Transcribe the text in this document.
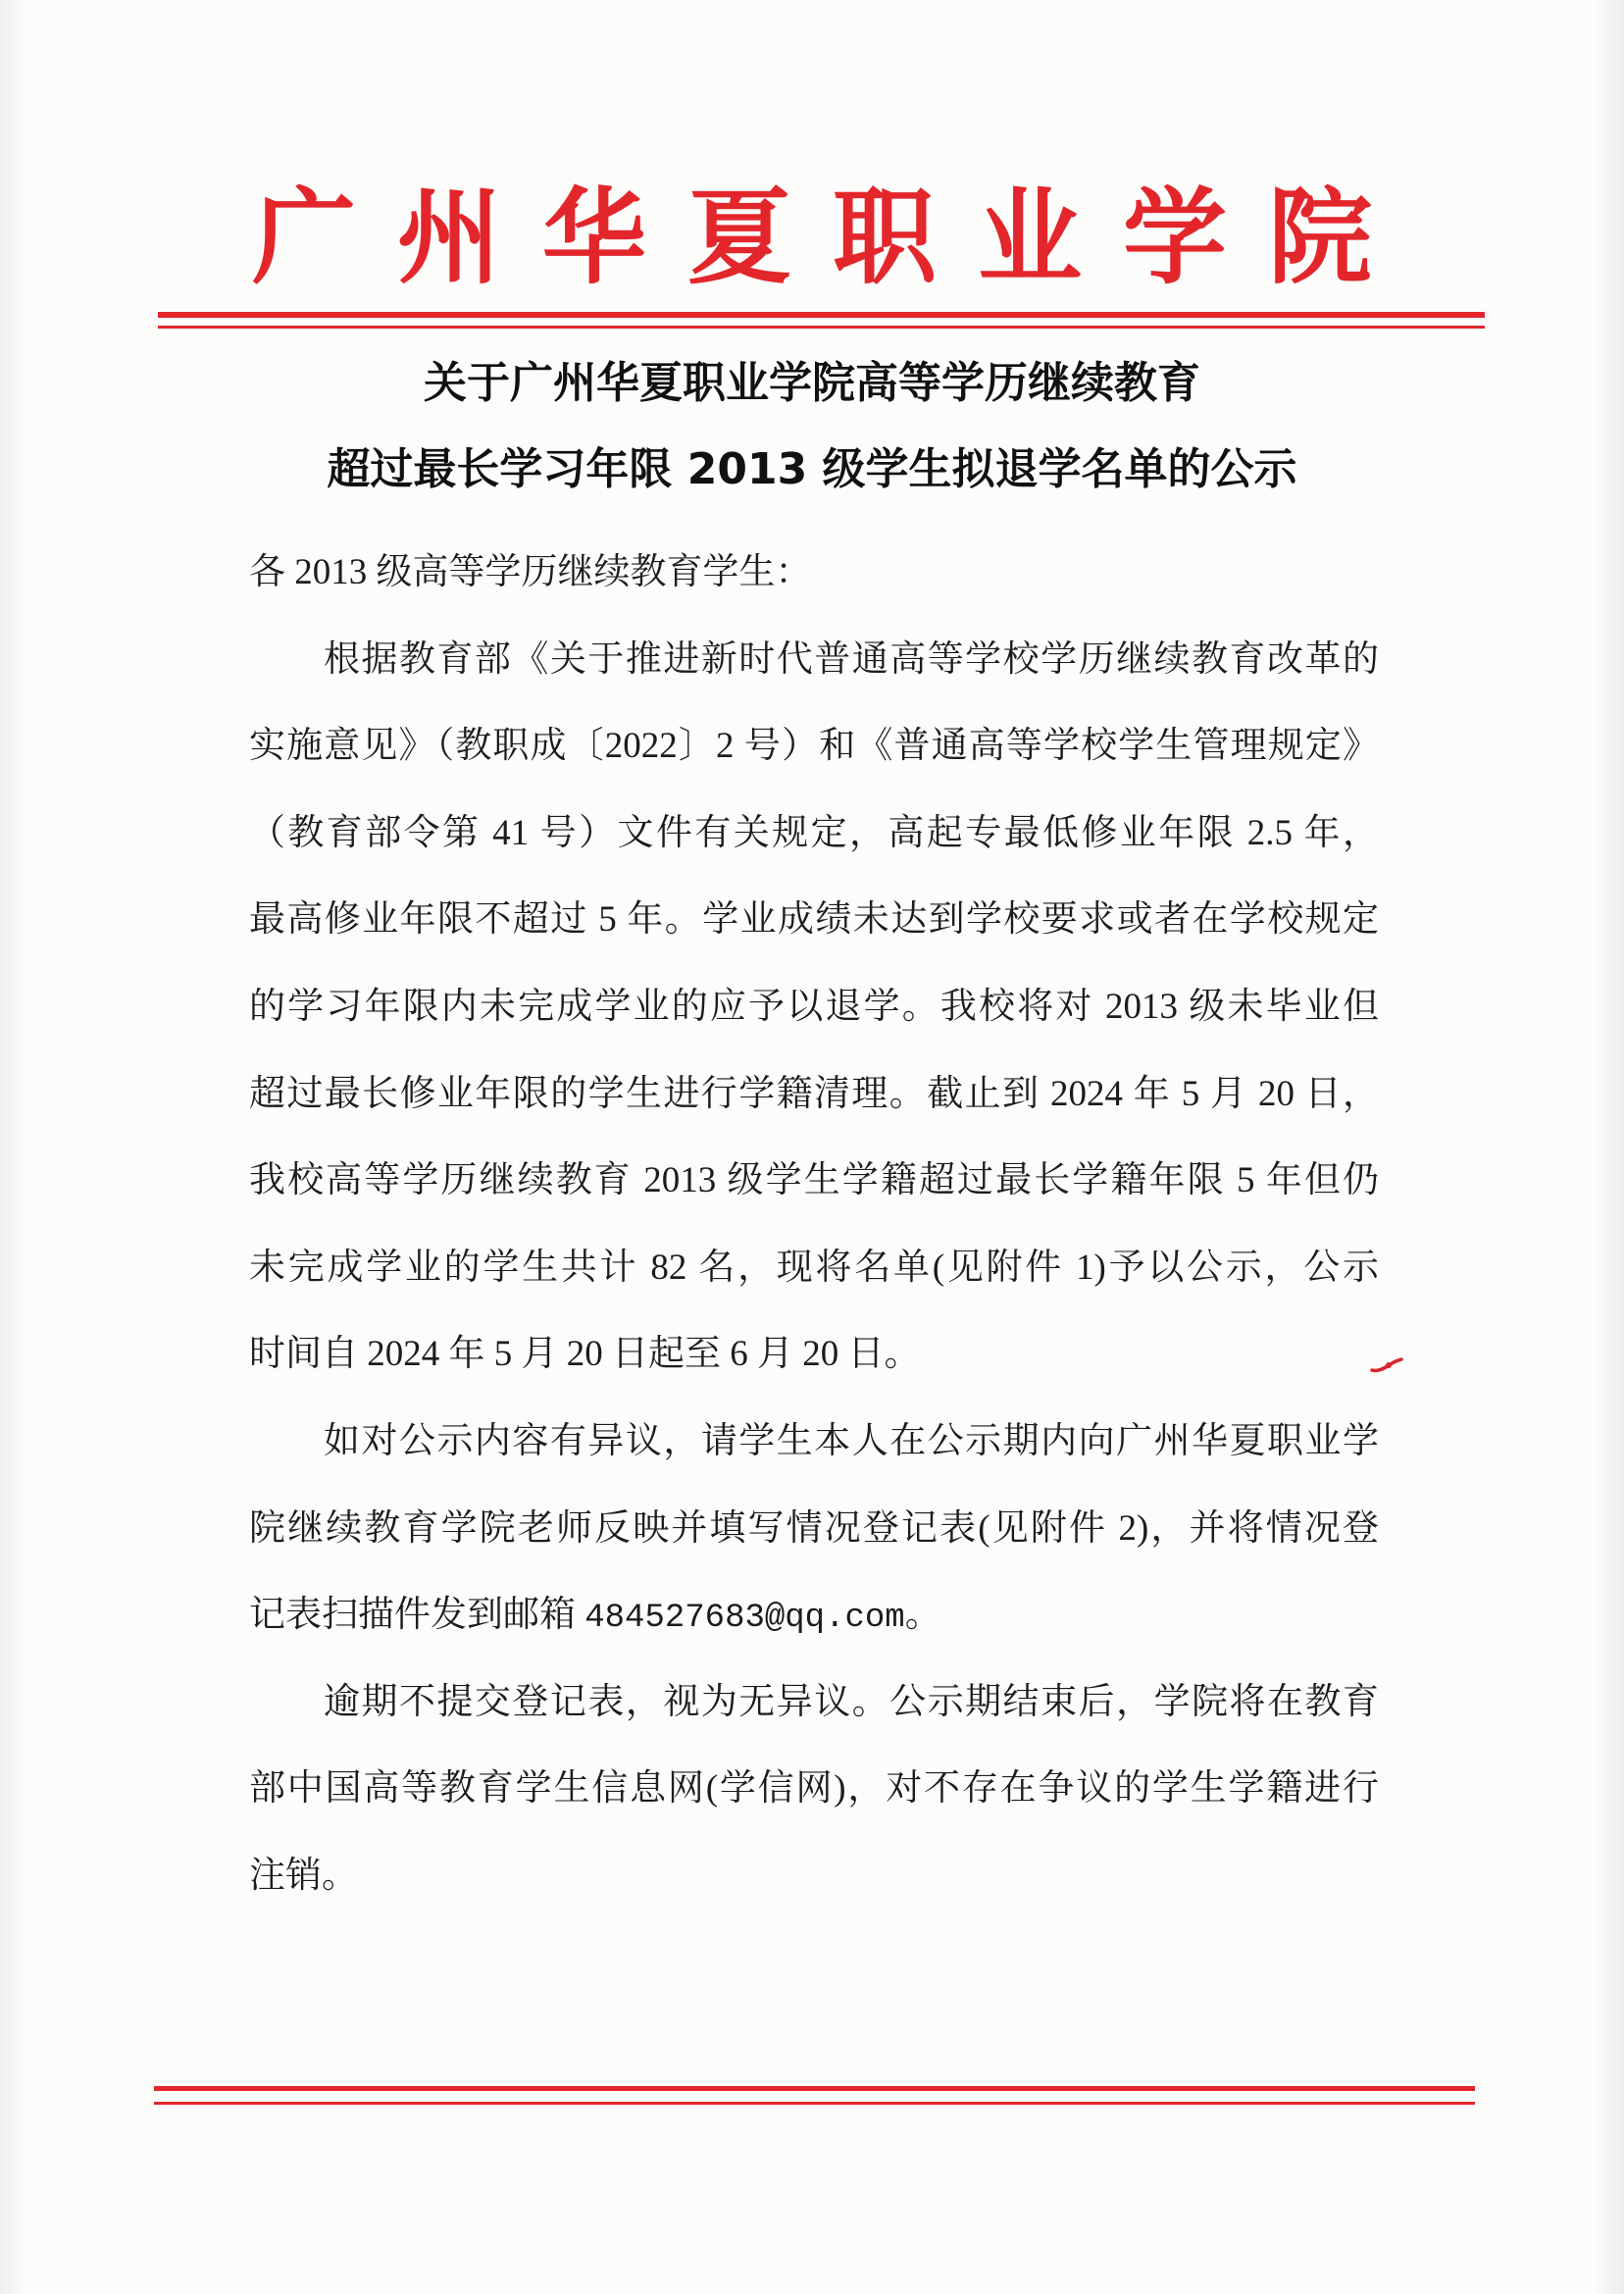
广州华夏职业学院
关于广州华夏职业学院高等学历继续教育
超过最长学习年限 2013 级学生拟退学名单的公示
各 2013 级高等学历继续教育学生：
根据教育部《关于推进新时代普通高等学校学历继续教育改革的
实施意见》（教职成〔2022〕2 号）和《普通高等学校学生管理规定》
（教育部令第 41 号）文件有关规定，高起专最低修业年限 2.5 年，
最高修业年限不超过 5 年。学业成绩未达到学校要求或者在学校规定
的学习年限内未完成学业的应予以退学。我校将对 2013 级未毕业但
超过最长修业年限的学生进行学籍清理。截止到 2024 年 5 月 20 日，
我校高等学历继续教育 2013 级学生学籍超过最长学籍年限 5 年但仍
未完成学业的学生共计 82 名，现将名单(见附件 1)予以公示，公示
时间自 2024 年 5 月 20 日起至 6 月 20 日。
如对公示内容有异议，请学生本人在公示期内向广州华夏职业学
院继续教育学院老师反映并填写情况登记表(见附件 2)，并将情况登
记表扫描件发到邮箱 484527683@qq.com。
逾期不提交登记表，视为无异议。公示期结束后，学院将在教育
部中国高等教育学生信息网(学信网)，对不存在争议的学生学籍进行
注销。
